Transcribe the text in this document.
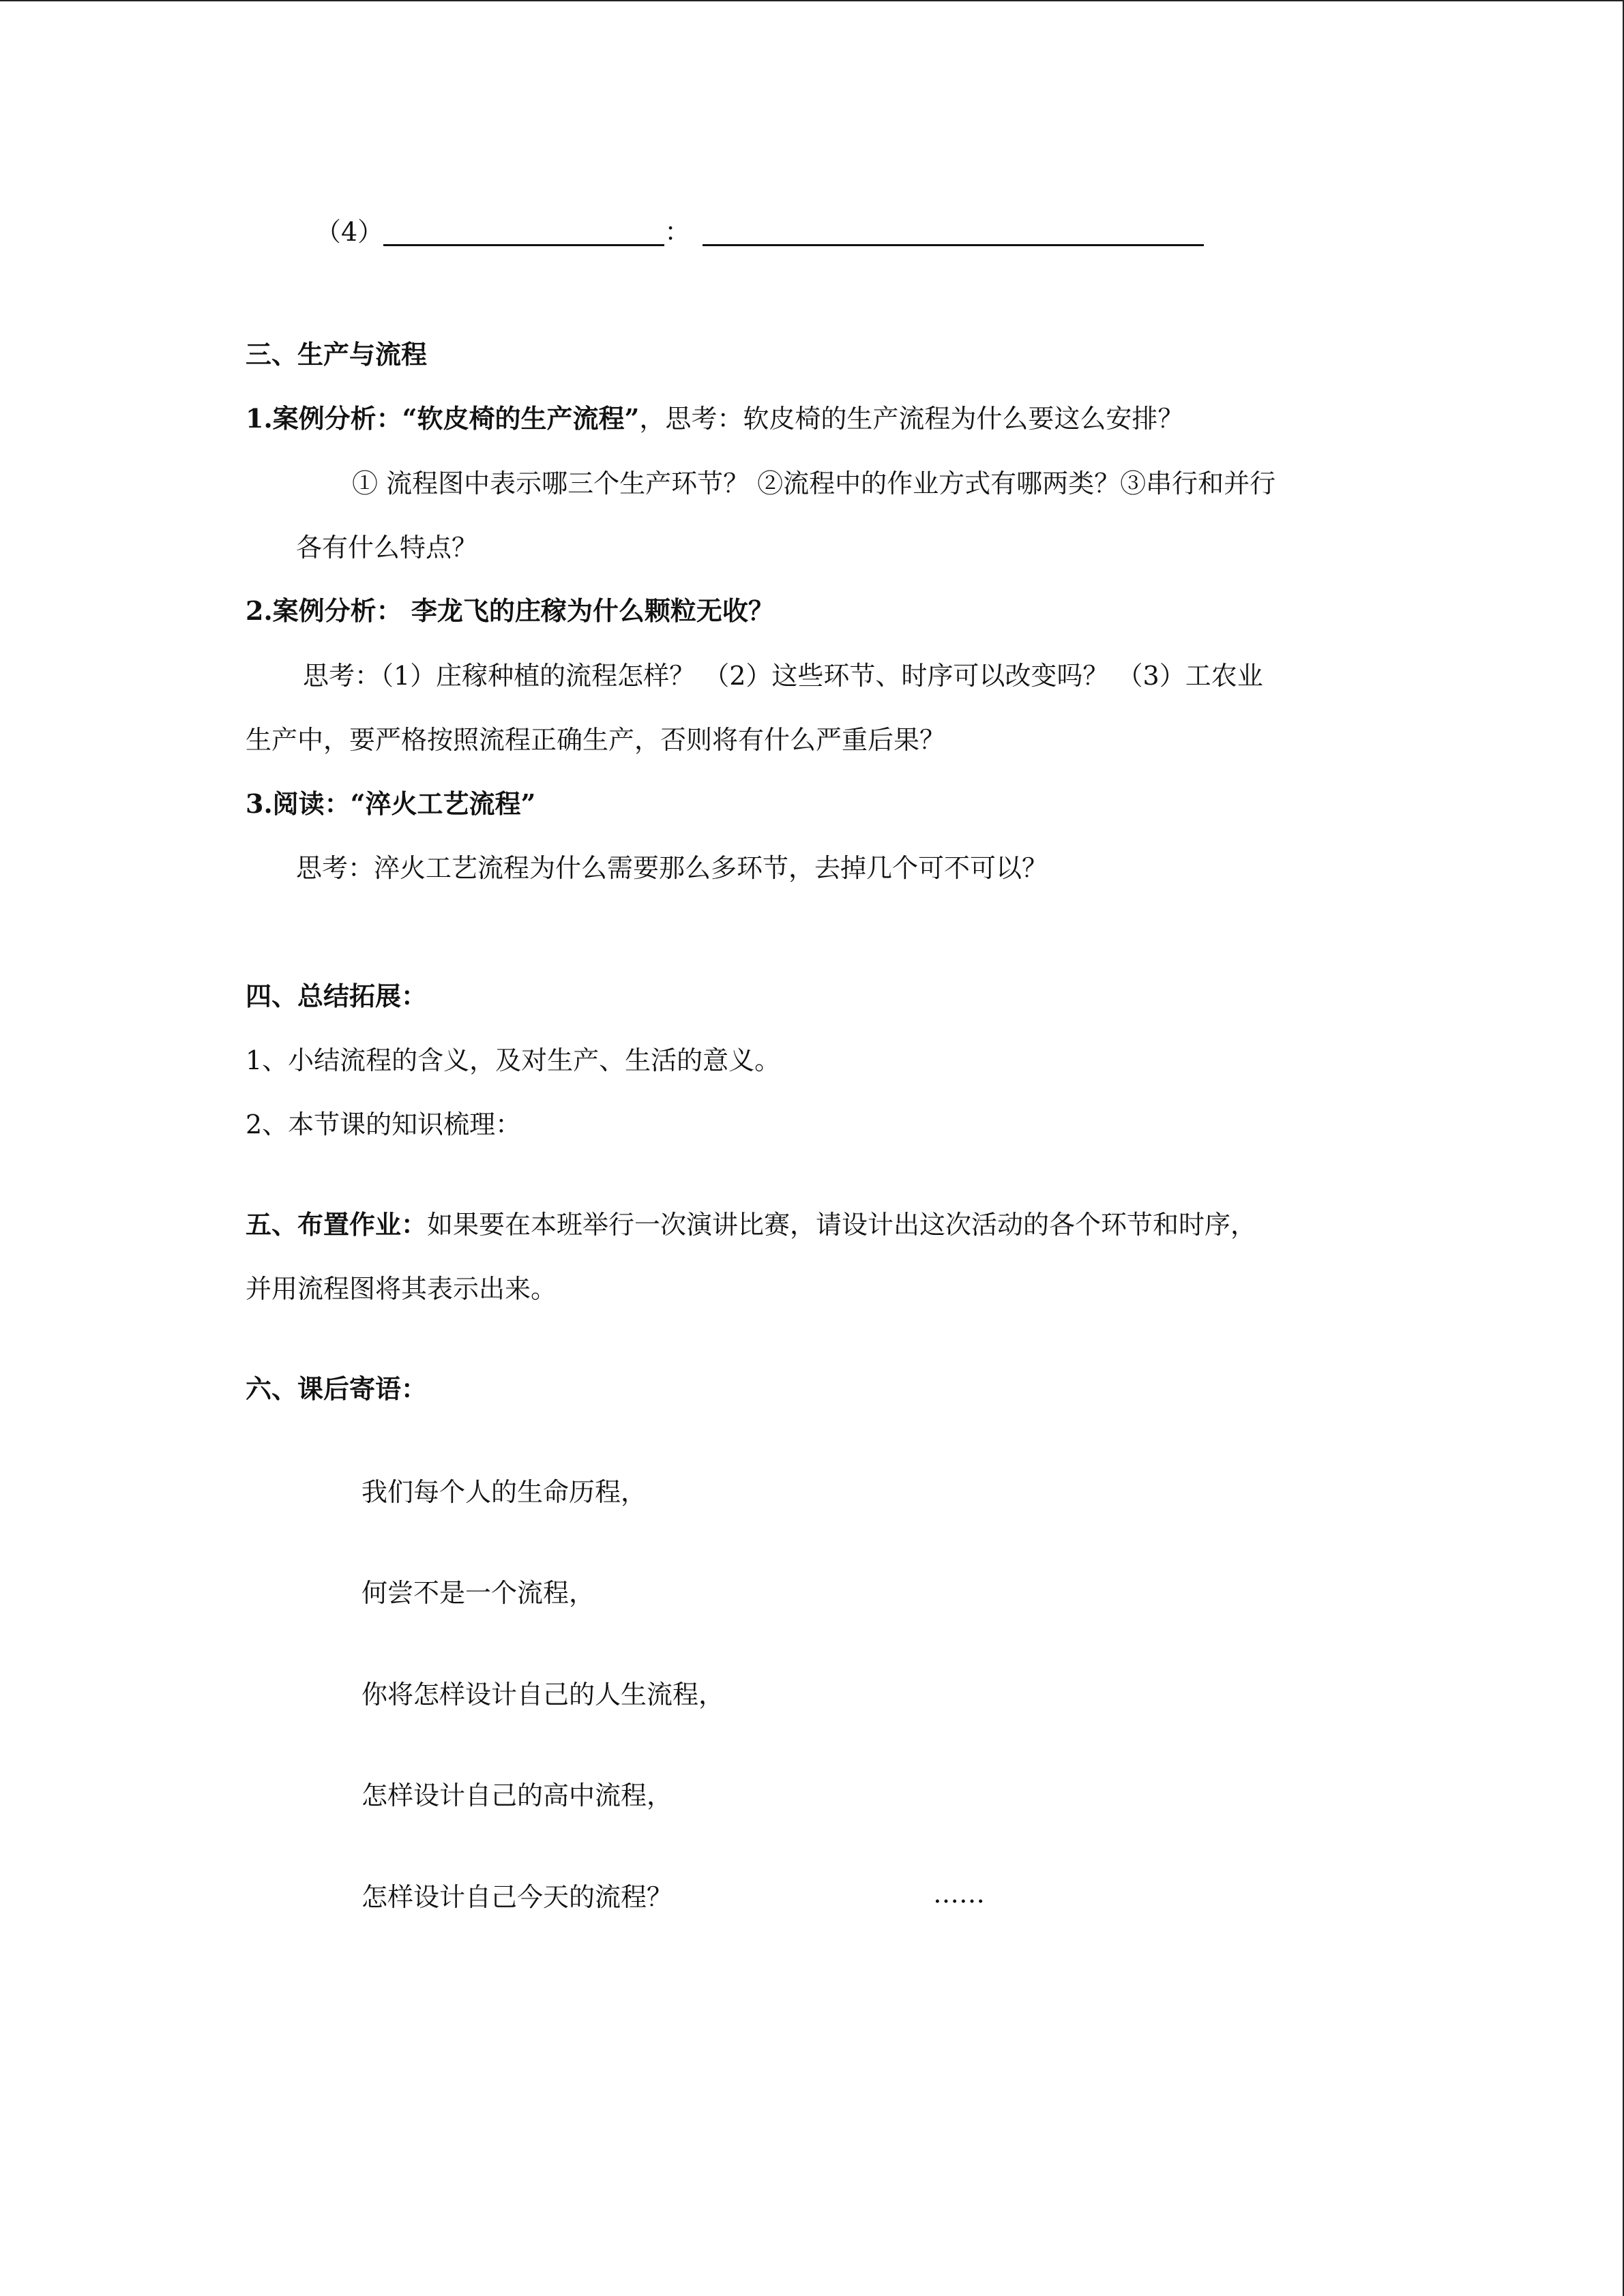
（4）	：
三、生产与流程
1.案例分析：“软皮椅的生产流程”，思考：软皮椅的生产流程为什么要这么安排？
① 流程图中表示哪三个生产环节？ ②流程中的作业方式有哪两类？③串行和并行
各有什么特点？
2.案例分析： 李龙飞的庄稼为什么颗粒无收？
思考：（1）庄稼种植的流程怎样？ （2）这些环节、时序可以改变吗？ （3）工农业
生产中，要严格按照流程正确生产，否则将有什么严重后果？
3.阅读：“淬火工艺流程”
思考：淬火工艺流程为什么需要那么多环节，去掉几个可不可以？
四、总结拓展：
1、小结流程的含义，及对生产、生活的意义。
2、本节课的知识梳理：
五、布置作业：如果要在本班举行一次演讲比赛，请设计出这次活动的各个环节和时序，
并用流程图将其表示出来。
六、课后寄语：
我们每个人的生命历程，
何尝不是一个流程，
你将怎样设计自己的人生流程，
怎样设计自己的高中流程，
怎样设计自己今天的流程？	……
